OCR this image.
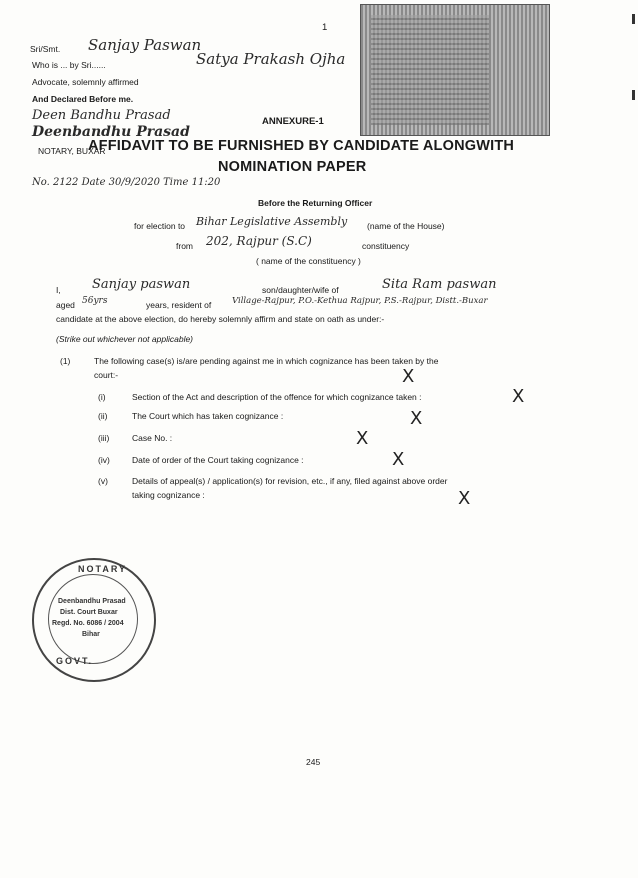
1
Sri/Smt. Sanjay Paswan
Who is ... by Sri......	Satya Prakash Ojha
Advocate, solemnly affirmed
And Declared Before me.
Deen Bandhu Prasad
Deenbandhu Prasad
NOTARY, BUXAR
No. 2122 Date 30/9/2020 Time 11:20
ANNEXURE-1
AFFIDAVIT TO BE FURNISHED BY CANDIDATE ALONGWITH
NOMINATION PAPER
Before the Returning Officer
for election to Bihar Legislative Assembly (name of the House)
from 202, Rajpur (S.C)	constituency
( name of the constituency )
I, Sanjay paswan	son/daughter/wife of	Sita Ram paswan
aged 56yrs	years, resident of Village-Rajpur, P.O.-Kethua Rajpur, P.S.-Rajpur, Distt.-Buxar
candidate at the above election, do hereby solemnly affirm and state on oath as under:-
(Strike out whichever not applicable)
(1)	The following case(s) is/are pending against me in which cognizance has been taken by the
court:-	X
(i)	Section of the Act and description of the offence for which cognizance taken :	X
(ii)	The Court which has taken cognizance :	X
(iii)	Case No. :	X
(iv)	Date of order of the Court taking cognizance :	X
(v)	Details of appeal(s) / application(s) for revision, etc., if any, filed against above order
taking cognizance :	X
NOTARY
Deenbandhu Prasad
Dist. Court Buxar
Regd. No. 6086 / 2004
Bihar
GOVT.
245
